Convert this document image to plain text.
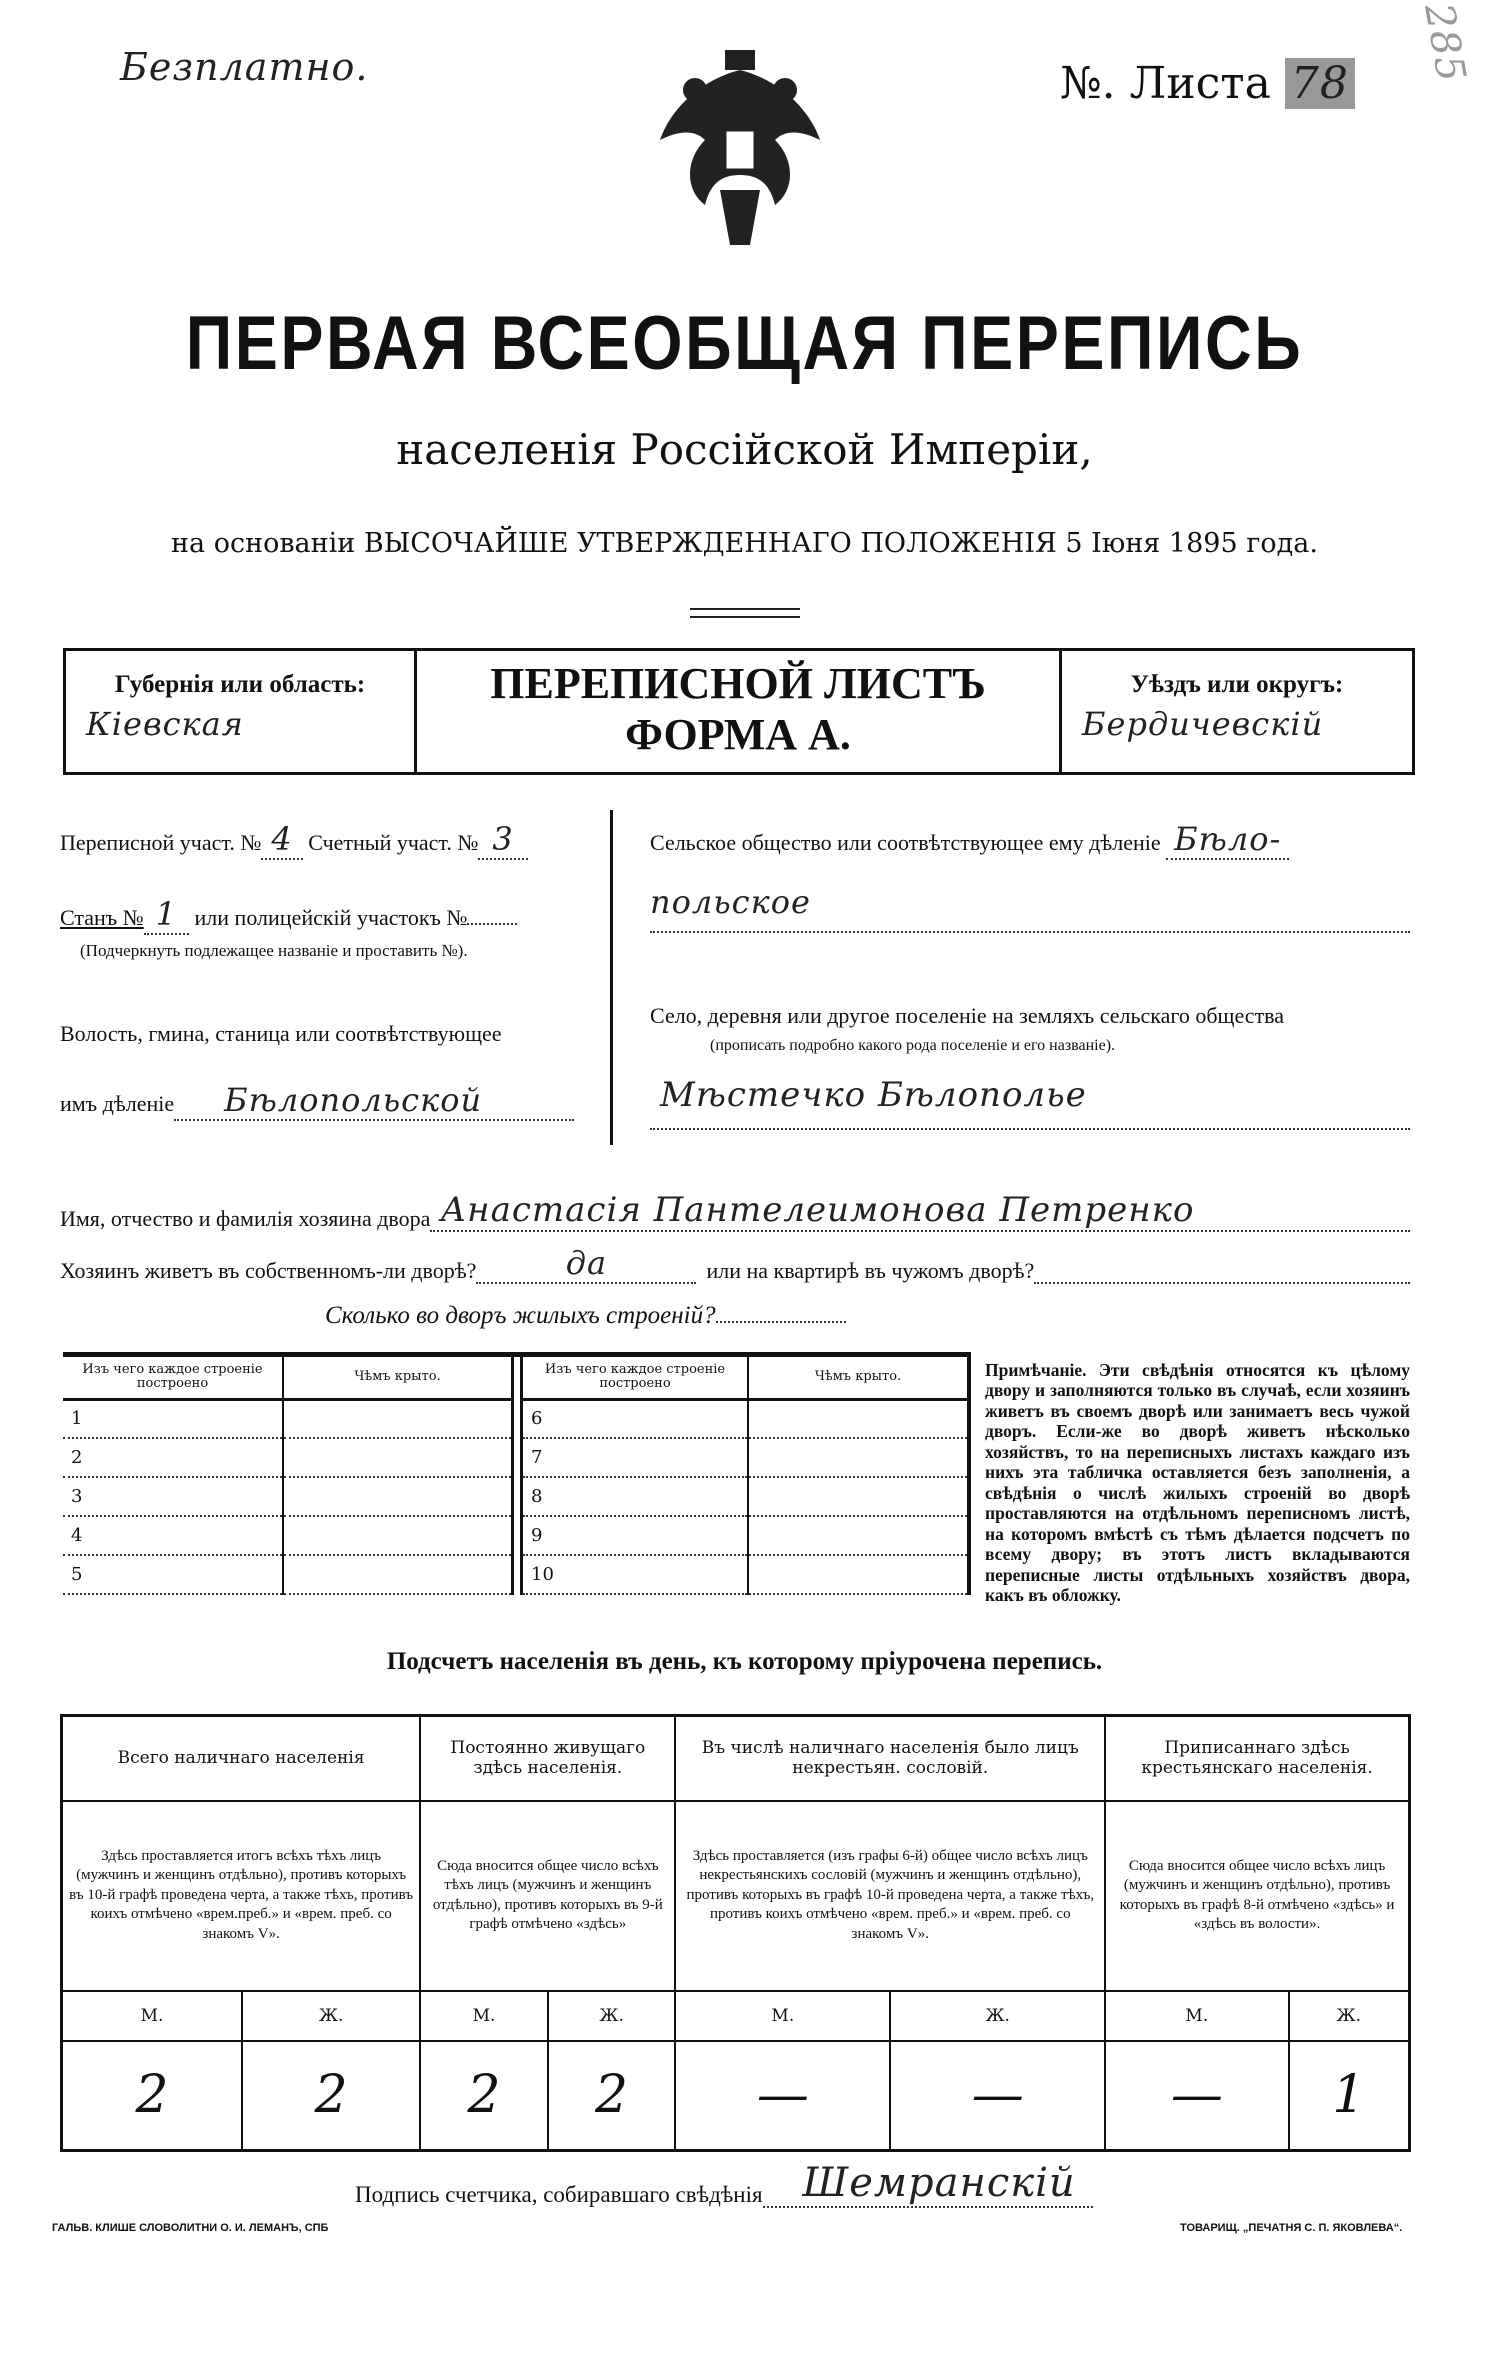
Безплатно.	№. Листа 78 285
ПЕРВАЯ ВСЕОБЩАЯ ПЕРЕПИСЬ
населенія Россійской Имперіи,
на основаніи ВЫСОЧАЙШЕ УТВЕРЖДЕННАГО ПОЛОЖЕНІЯ 5 Іюня 1895 года.
Губернія или область:
Кіевская
ПЕРЕПИСНОЙ ЛИСТЪ
ФОРМА А.
Уѣздъ или округъ:
Бердичевскій
Переписной участ. № 4 Счетный участ. № 3
Станъ № 1 или полицейскій участокъ №
(Подчеркнуть подлежащее названіе и проставить №).
Волость, гмина, станица или соотвѣтствующее
имъ дѣленіе Бѣлопольской
Сельское общество или соотвѣтствующее ему дѣленіе Бѣло-
польское
Село, деревня или другое поселеніе на земляхъ сельскаго общества
(прописать подробно какого рода поселеніе и его названіе).
Мѣстечко Бѣлополье
Имя, отчество и фамилія хозяина двора Анастасія Пантелеимонова Петренко
Хозяинъ живетъ въ собственномъ-ли дворѣ?	да	или на квартирѣ въ чужомъ дворѣ?
Сколько во дворъ жилыхъ строеній?
Изъ чего каждое строеніе построено	Чѣмъ крыто.
1	
2	
3	
4	
5	
Изъ чего каждое строеніе построено	Чѣмъ крыто.
6	
7	
8	
9	
10	
Примѣчаніе. Эти свѣдѣнія относятся къ цѣлому двору и заполняются только въ случаѣ, если хозяинъ живетъ въ своемъ дворѣ или занимаетъ весь чужой дворъ. Если-же во дворѣ живетъ нѣсколько хозяйствъ, то на переписныхъ листахъ каждаго изъ нихъ эта табличка оставляется безъ заполненія, а свѣдѣнія о числѣ жилыхъ строеній во дворѣ проставляются на отдѣльномъ переписномъ листѣ, на которомъ вмѣстѣ съ тѣмъ дѣлается подсчетъ по всему двору; въ этотъ листъ вкладываются переписные листы отдѣльныхъ хозяйствъ двора, какъ въ обложку.
Подсчетъ населенія въ день, къ которому пріурочена перепись.
Всего наличнаго населенія		Постоянно живущаго здѣсь населенія.		Въ числѣ наличнаго населенія было лицъ некрестьян. сословій.		Приписаннаго здѣсь крестьянскаго населенія.	
Здѣсь проставляется итогъ всѣхъ тѣхъ лицъ (мужчинъ и женщинъ отдѣльно), противъ которыхъ въ 10-й графѣ проведена черта, а также тѣхъ, противъ коихъ отмѣчено «врем.преб.» и «врем. преб. со знакомъ V».		Сюда вносится общее число всѣхъ тѣхъ лицъ (мужчинъ и женщинъ отдѣльно), противъ которыхъ въ 9-й графѣ отмѣчено «здѣсь»		Здѣсь проставляется (изъ графы 6-й) общее число всѣхъ лицъ некрестьянскихъ сословій (мужчинъ и женщинъ отдѣльно), противъ которыхъ въ графѣ 10-й проведена черта, а также тѣхъ, противъ коихъ отмѣчено «врем. преб.» и «врем. преб. со знакомъ V».		Сюда вносится общее число всѣхъ лицъ (мужчинъ и женщинъ отдѣльно), противъ которыхъ въ графѣ 8-й отмѣчено «здѣсь» и «здѣсь въ волости».	
М.	Ж.	М.	Ж.	М.	Ж.	М.	Ж.
2	2	2	2	—	—	—	1
Подпись счетчика, собиравшаго свѣдѣнія	Шемранскій
ГАЛЬВ. КЛИШЕ СЛОВОЛИТНИ О. И. ЛЕМАНЪ, СПБ	ТОВАРИЩ. „ПЕЧАТНЯ С. П. ЯКОВЛЕВА“.
